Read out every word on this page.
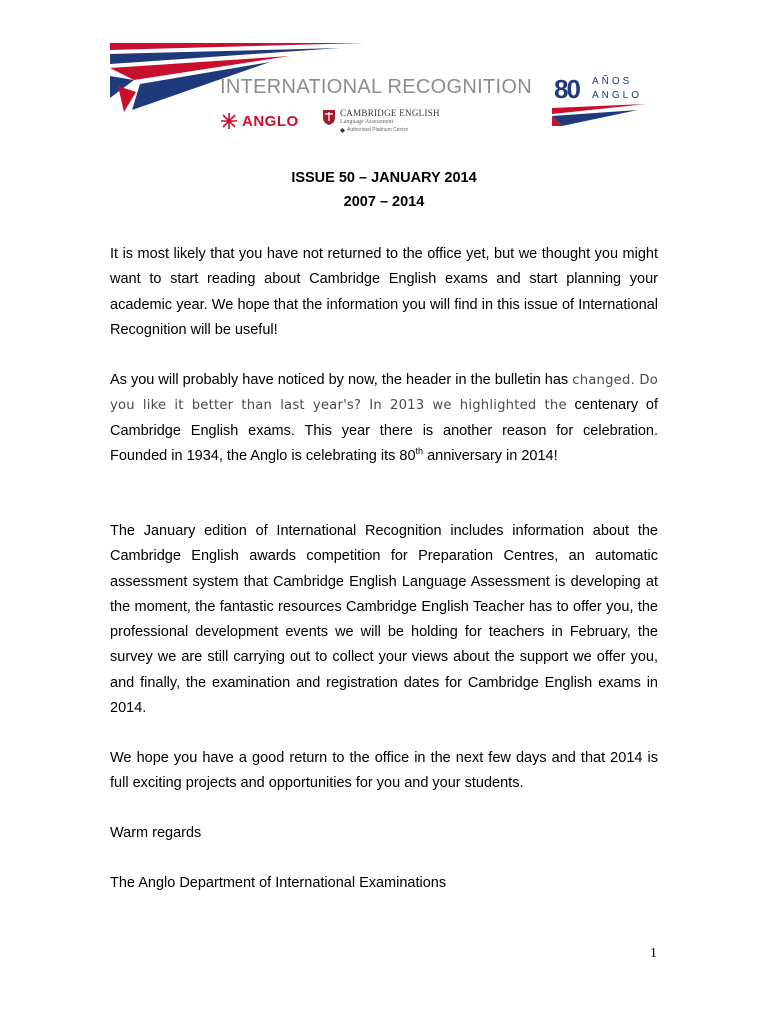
INTERNATIONAL RECOGNITION
ANGLO	CAMBRIDGE ENGLISH
Language Assessment
Authorised Platinum Centre
80 AÑOS
ANGLO
ISSUE 50 – JANUARY 2014
2007 – 2014

It is most likely that you have not returned to the office yet, but we thought you might want to start reading about Cambridge English exams and start planning your academic year. We hope that the information you will find in this issue of International Recognition will be useful!

As you will probably have noticed by now, the header in the bulletin has changed. Do you like it better than last year's? In 2013 we highlighted the centenary of Cambridge English exams. This year there is another reason for celebration. Founded in 1934, the Anglo is celebrating its 80th anniversary in 2014!

The January edition of International Recognition includes information about the Cambridge English awards competition for Preparation Centres, an automatic assessment system that Cambridge English Language Assessment is developing at the moment, the fantastic resources Cambridge English Teacher has to offer you, the professional development events we will be holding for teachers in February, the survey we are still carrying out to collect your views about the support we offer you, and finally, the examination and registration dates for Cambridge English exams in 2014.

We hope you have a good return to the office in the next few days and that 2014 is full exciting projects and opportunities for you and your students.

Warm regards

The Anglo Department of International Examinations

1
